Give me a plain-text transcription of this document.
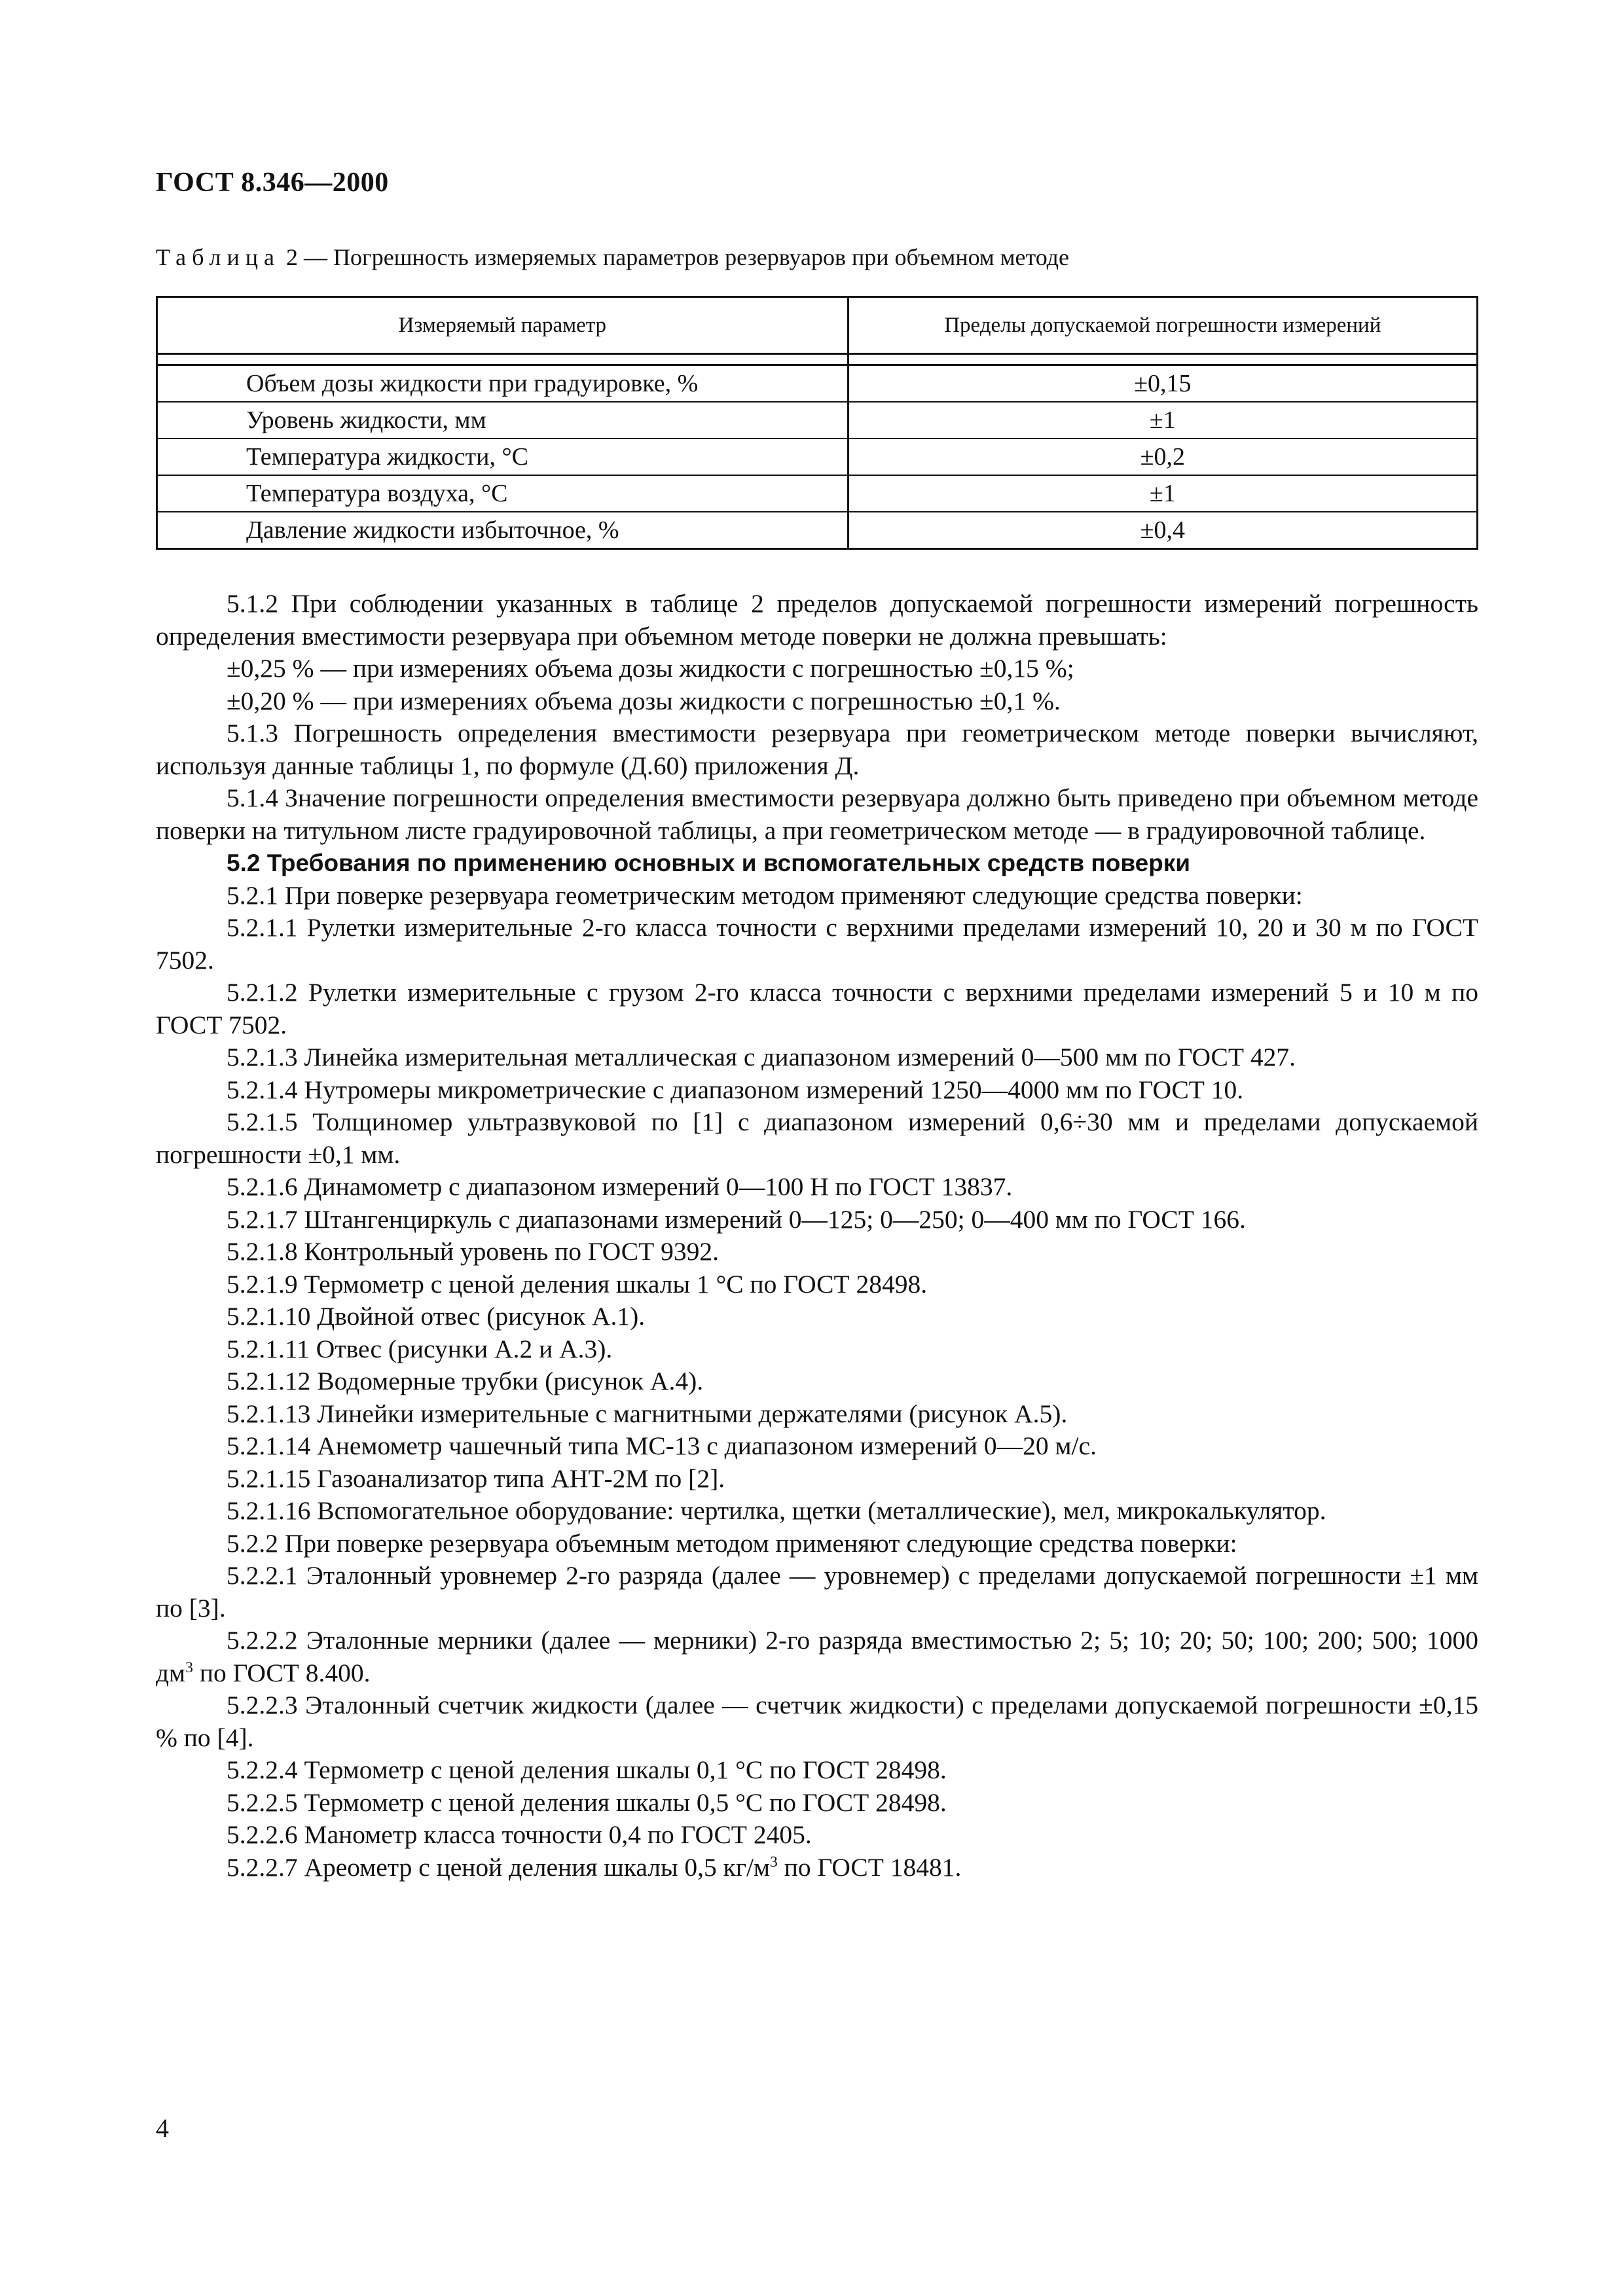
ГОСТ 8.346—2000
Таблица 2 — Погрешность измеряемых параметров резервуаров при объемном методе
Измеряемый параметр	Пределы допускаемой погрешности измерений

Объем дозы жидкости при градуировке, %	±0,15
Уровень жидкости, мм	±1
Температура жидкости, °С	±0,2
Температура воздуха, °С	±1
Давление жидкости избыточное, %	±0,4

5.1.2 При соблюдении указанных в таблице 2 пределов допускаемой погрешности измерений погрешность определения вместимости резервуара при объемном методе поверки не должна превышать:

±0,25 % — при измерениях объема дозы жидкости с погрешностью ±0,15 %;

±0,20 % — при измерениях объема дозы жидкости с погрешностью ±0,1 %.

5.1.3 Погрешность определения вместимости резервуара при геометрическом методе поверки вычисляют, используя данные таблицы 1, по формуле (Д.60) приложения Д.

5.1.4 Значение погрешности определения вместимости резервуара должно быть приведено при объемном методе поверки на титульном листе градуировочной таблицы, а при геометрическом методе — в градуировочной таблице.

5.2 Требования по применению основных и вспомогательных средств поверки

5.2.1 При поверке резервуара геометрическим методом применяют следующие средства поверки:

5.2.1.1 Рулетки измерительные 2-го класса точности с верхними пределами измерений 10, 20 и 30 м по ГОСТ 7502.

5.2.1.2 Рулетки измерительные с грузом 2-го класса точности с верхними пределами измерений 5 и 10 м по ГОСТ 7502.

5.2.1.3 Линейка измерительная металлическая с диапазоном измерений 0—500 мм по ГОСТ 427.

5.2.1.4 Нутромеры микрометрические с диапазоном измерений 1250—4000 мм по ГОСТ 10.

5.2.1.5 Толщиномер ультразвуковой по [1] с диапазоном измерений 0,6÷30 мм и пределами допускаемой погрешности ±0,1 мм.

5.2.1.6 Динамометр с диапазоном измерений 0—100 Н по ГОСТ 13837.

5.2.1.7 Штангенциркуль с диапазонами измерений 0—125; 0—250; 0—400 мм по ГОСТ 166.

5.2.1.8 Контрольный уровень по ГОСТ 9392.

5.2.1.9 Термометр с ценой деления шкалы 1 °С по ГОСТ 28498.

5.2.1.10 Двойной отвес (рисунок А.1).

5.2.1.11 Отвес (рисунки А.2 и А.3).

5.2.1.12 Водомерные трубки (рисунок А.4).

5.2.1.13 Линейки измерительные с магнитными держателями (рисунок А.5).

5.2.1.14 Анемометр чашечный типа МС-13 с диапазоном измерений 0—20 м/с.

5.2.1.15 Газоанализатор типа АНТ-2М по [2].

5.2.1.16 Вспомогательное оборудование: чертилка, щетки (металлические), мел, микрокалькулятор.

5.2.2 При поверке резервуара объемным методом применяют следующие средства поверки:

5.2.2.1 Эталонный уровнемер 2-го разряда (далее — уровнемер) с пределами допускаемой погрешности ±1 мм по [3].

5.2.2.2 Эталонные мерники (далее — мерники) 2-го разряда вместимостью 2; 5; 10; 20; 50; 100; 200; 500; 1000 $дм^3$ по ГОСТ 8.400.

5.2.2.3 Эталонный счетчик жидкости (далее — счетчик жидкости) с пределами допускаемой погрешности ±0,15 % по [4].

5.2.2.4 Термометр с ценой деления шкалы 0,1 °С по ГОСТ 28498.

5.2.2.5 Термометр с ценой деления шкалы 0,5 °С по ГОСТ 28498.

5.2.2.6 Манометр класса точности 0,4 по ГОСТ 2405.

5.2.2.7 Ареометр с ценой деления шкалы 0,5 $кг/м^3$ по ГОСТ 18481.

4
